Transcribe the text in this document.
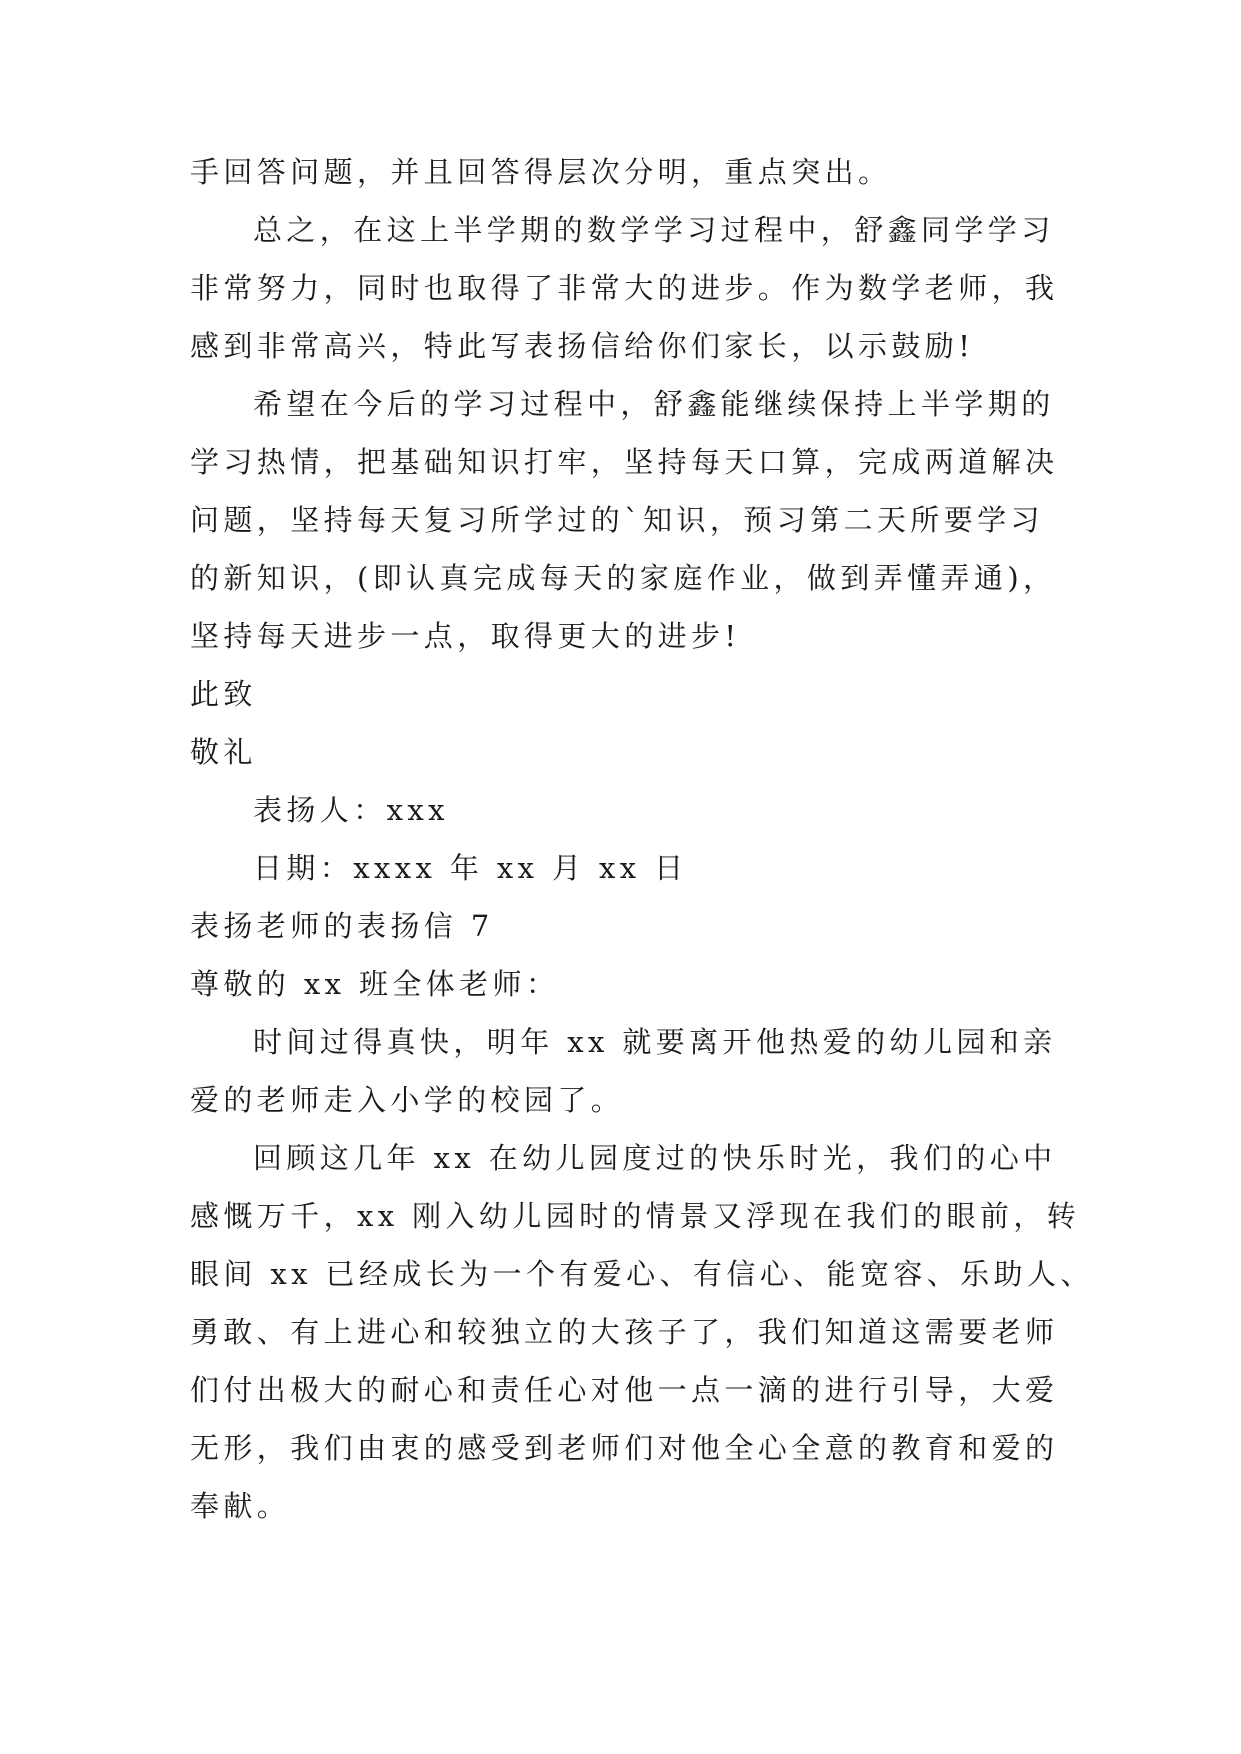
手回答问题，并且回答得层次分明，重点突出。
总之，在这上半学期的数学学习过程中，舒鑫同学学习
非常努力，同时也取得了非常大的进步。作为数学老师，我
感到非常高兴，特此写表扬信给你们家长，以示鼓励!
希望在今后的学习过程中，舒鑫能继续保持上半学期的
学习热情，把基础知识打牢，坚持每天口算，完成两道解决
问题，坚持每天复习所学过的`知识，预习第二天所要学习
的新知识，(即认真完成每天的家庭作业，做到弄懂弄通)，
坚持每天进步一点，取得更大的进步!
此致
敬礼
表扬人：xxx
日期：xxxx 年 xx 月 xx 日
表扬老师的表扬信 7
尊敬的 xx 班全体老师：
时间过得真快，明年 xx 就要离开他热爱的幼儿园和亲
爱的老师走入小学的校园了。
回顾这几年 xx 在幼儿园度过的快乐时光，我们的心中
感慨万千，xx 刚入幼儿园时的情景又浮现在我们的眼前，转
眼间 xx 已经成长为一个有爱心、有信心、能宽容、乐助人、
勇敢、有上进心和较独立的大孩子了，我们知道这需要老师
们付出极大的耐心和责任心对他一点一滴的进行引导，大爱
无形，我们由衷的感受到老师们对他全心全意的教育和爱的
奉献。
